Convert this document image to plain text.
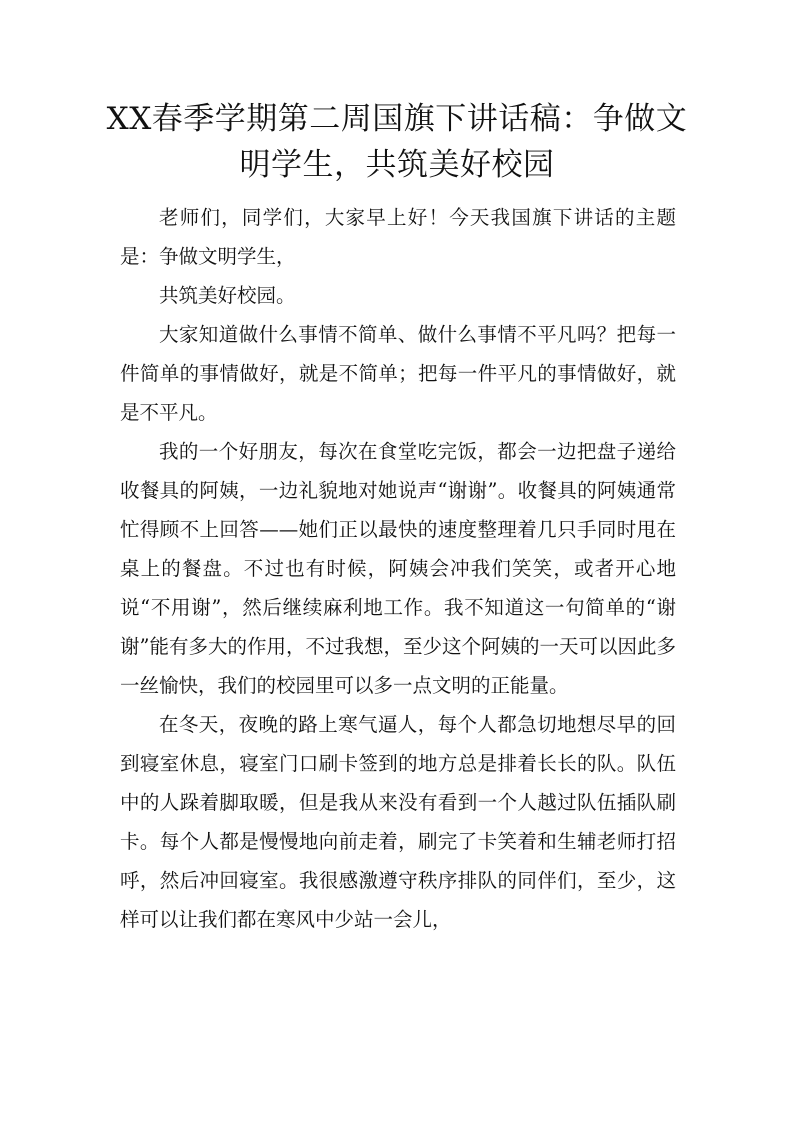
XX春季学期第二周国旗下讲话稿：争做文明学生，共筑美好校园

老师们，同学们，大家早上好！今天我国旗下讲话的主题是：争做文明学生，

共筑美好校园。

大家知道做什么事情不简单、做什么事情不平凡吗？把每一件简单的事情做好，就是不简单；把每一件平凡的事情做好，就是不平凡。

我的一个好朋友，每次在食堂吃完饭，都会一边把盘子递给收餐具的阿姨，一边礼貌地对她说声“谢谢”。收餐具的阿姨通常忙得顾不上回答——她们正以最快的速度整理着几只手同时甩在桌上的餐盘。不过也有时候，阿姨会冲我们笑笑，或者开心地说“不用谢”，然后继续麻利地工作。我不知道这一句简单的“谢谢”能有多大的作用，不过我想，至少这个阿姨的一天可以因此多一丝愉快，我们的校园里可以多一点文明的正能量。

在冬天，夜晚的路上寒气逼人，每个人都急切地想尽早的回到寝室休息，寝室门口刷卡签到的地方总是排着长长的队。队伍中的人跺着脚取暖，但是我从来没有看到一个人越过队伍插队刷卡。每个人都是慢慢地向前走着，刷完了卡笑着和生辅老师打招呼，然后冲回寝室。我很感激遵守秩序排队的同伴们，至少，这样可以让我们都在寒风中少站一会儿，
